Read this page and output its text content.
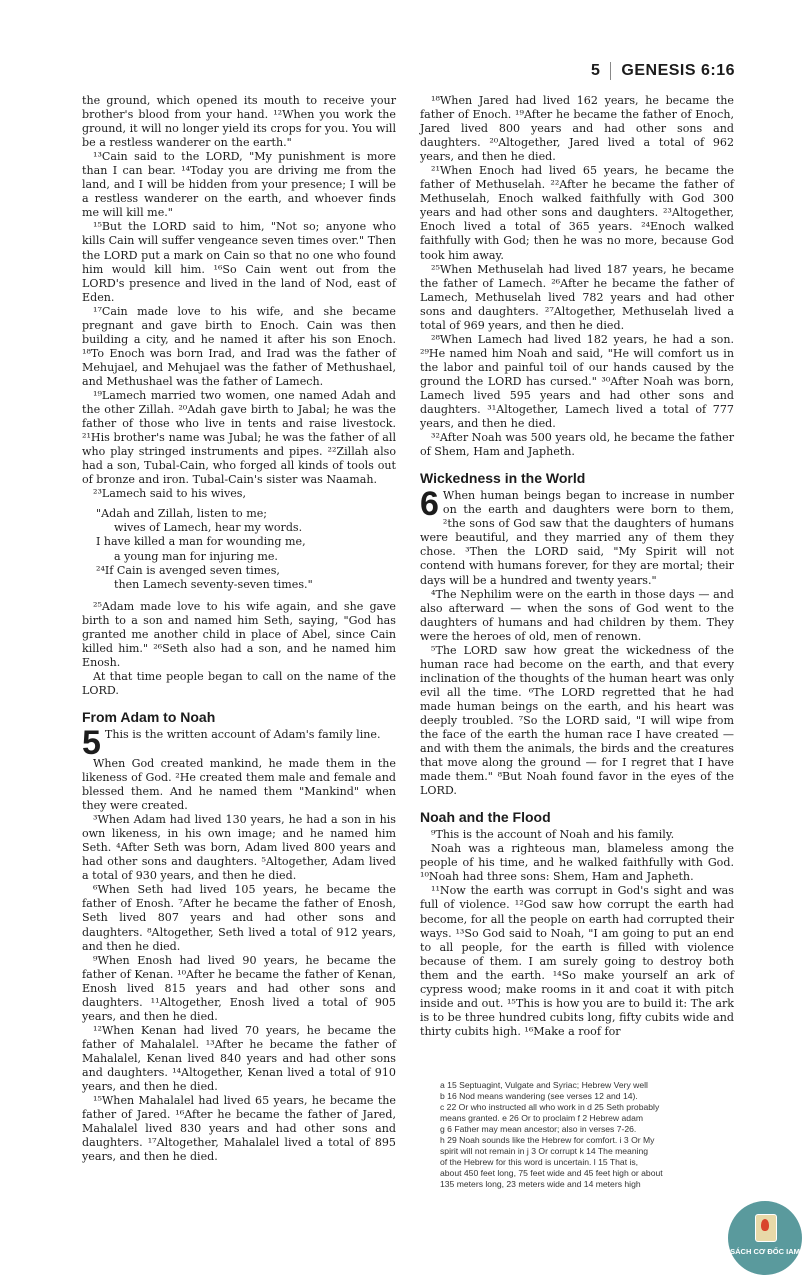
5 GENESIS 6:16

the ground, which opened its mouth to receive your brother's blood from your hand. ¹²When you work the ground, it will no longer yield its crops for you. You will be a restless wanderer on the earth."

¹³Cain said to the LORD, "My punishment is more than I can bear. ¹⁴Today you are driving me from the land, and I will be hidden from your presence; I will be a restless wanderer on the earth, and whoever finds me will kill me."

¹⁵But the LORD said to him, "Not so; anyone who kills Cain will suffer vengeance seven times over." Then the LORD put a mark on Cain so that no one who found him would kill him. ¹⁶So Cain went out from the LORD's presence and lived in the land of Nod, east of Eden.

¹⁷Cain made love to his wife, and she became pregnant and gave birth to Enoch. Cain was then building a city, and he named it after his son Enoch. ¹⁸To Enoch was born Irad, and Irad was the father of Mehujael, and Mehujael was the father of Methushael, and Methushael was the father of Lamech.

¹⁹Lamech married two women, one named Adah and the other Zillah. ²⁰Adah gave birth to Jabal; he was the father of those who live in tents and raise livestock. ²¹His brother's name was Jubal; he was the father of all who play stringed instruments and pipes. ²²Zillah also had a son, Tubal-Cain, who forged all kinds of tools out of bronze and iron. Tubal-Cain's sister was Naamah.

²³Lamech said to his wives,

"Adah and Zillah, listen to me;
wives of Lamech, hear my words.
I have killed a man for wounding me,
a young man for injuring me.
²⁴If Cain is avenged seven times,
then Lamech seventy-seven times."

²⁵Adam made love to his wife again, and she gave birth to a son and named him Seth, saying, "God has granted me another child in place of Abel, since Cain killed him." ²⁶Seth also had a son, and he named him Enosh.

At that time people began to call on the name of the LORD.

From Adam to Noah
5 This is the written account of Adam's family line.

When God created mankind, he made them in the likeness of God. ²He created them male and female and blessed them. And he named them "Mankind" when they were created.

³When Adam had lived 130 years, he had a son in his own likeness, in his own image; and he named him Seth. ⁴After Seth was born, Adam lived 800 years and had other sons and daughters. ⁵Altogether, Adam lived a total of 930 years, and then he died.

⁶When Seth had lived 105 years, he became the father of Enosh. ⁷After he became the father of Enosh, Seth lived 807 years and had other sons and daughters. ⁸Altogether, Seth lived a total of 912 years, and then he died.

⁹When Enosh had lived 90 years, he became the father of Kenan. ¹⁰After he became the father of Kenan, Enosh lived 815 years and had other sons and daughters. ¹¹Altogether, Enosh lived a total of 905 years, and then he died.

¹²When Kenan had lived 70 years, he became the father of Mahalalel. ¹³After he became the father of Mahalalel, Kenan lived 840 years and had other sons and daughters. ¹⁴Altogether, Kenan lived a total of 910 years, and then he died.

¹⁵When Mahalalel had lived 65 years, he became the father of Jared. ¹⁶After he became the father of Jared, Mahalalel lived 830 years and had other sons and daughters. ¹⁷Altogether, Mahalalel lived a total of 895 years, and then he died.

¹⁸When Jared had lived 162 years, he became the father of Enoch. ¹⁹After he became the father of Enoch, Jared lived 800 years and had other sons and daughters. ²⁰Altogether, Jared lived a total of 962 years, and then he died.

²¹When Enoch had lived 65 years, he became the father of Methuselah. ²²After he became the father of Methuselah, Enoch walked faithfully with God 300 years and had other sons and daughters. ²³Altogether, Enoch lived a total of 365 years. ²⁴Enoch walked faithfully with God; then he was no more, because God took him away.

²⁵When Methuselah had lived 187 years, he became the father of Lamech. ²⁶After he became the father of Lamech, Methuselah lived 782 years and had other sons and daughters. ²⁷Altogether, Methuselah lived a total of 969 years, and then he died.

²⁸When Lamech had lived 182 years, he had a son. ²⁹He named him Noah and said, "He will comfort us in the labor and painful toil of our hands caused by the ground the LORD has cursed." ³⁰After Noah was born, Lamech lived 595 years and had other sons and daughters. ³¹Altogether, Lamech lived a total of 777 years, and then he died.

³²After Noah was 500 years old, he became the father of Shem, Ham and Japheth.

Wickedness in the World
6 When human beings began to increase in number on the earth and daughters were born to them, ²the sons of God saw that the daughters of humans were beautiful, and they married any of them they chose. ³Then the LORD said, "My Spirit will not contend with humans forever, for they are mortal; their days will be a hundred and twenty years."

⁴The Nephilim were on the earth in those days — and also afterward — when the sons of God went to the daughters of humans and had children by them. They were the heroes of old, men of renown.

⁵The LORD saw how great the wickedness of the human race had become on the earth, and that every inclination of the thoughts of the human heart was only evil all the time. ⁶The LORD regretted that he had made human beings on the earth, and his heart was deeply troubled. ⁷So the LORD said, "I will wipe from the face of the earth the human race I have created — and with them the animals, the birds and the creatures that move along the ground — for I regret that I have made them." ⁸But Noah found favor in the eyes of the LORD.

Noah and the Flood

⁹This is the account of Noah and his family.

Noah was a righteous man, blameless among the people of his time, and he walked faithfully with God. ¹⁰Noah had three sons: Shem, Ham and Japheth.

¹¹Now the earth was corrupt in God's sight and was full of violence. ¹²God saw how corrupt the earth had become, for all the people on earth had corrupted their ways. ¹³So God said to Noah, "I am going to put an end to all people, for the earth is filled with violence because of them. I am surely going to destroy both them and the earth. ¹⁴So make yourself an ark of cypress wood; make rooms in it and coat it with pitch inside and out. ¹⁵This is how you are to build it: The ark is to be three hundred cubits long, fifty cubits wide and thirty cubits high. ¹⁶Make a roof for

a 15 Septuagint, Vulgate and Syriac; Hebrew Very well
b 16 Nod means wandering (see verses 12 and 14).
c 22 Or who instructed all who work in d 25 Seth probably
means granted. e 26 Or to proclaim f 2 Hebrew adam
g 6 Father may mean ancestor; also in verses 7-26.
h 29 Noah sounds like the Hebrew for comfort. i 3 Or My
spirit will not remain in j 3 Or corrupt k 14 The meaning
of the Hebrew for this word is uncertain. l 15 That is,
about 450 feet long, 75 feet wide and 45 feet high or about
135 meters long, 23 meters wide and 14 meters high
SÁCH CƠ ĐỐC IAM
